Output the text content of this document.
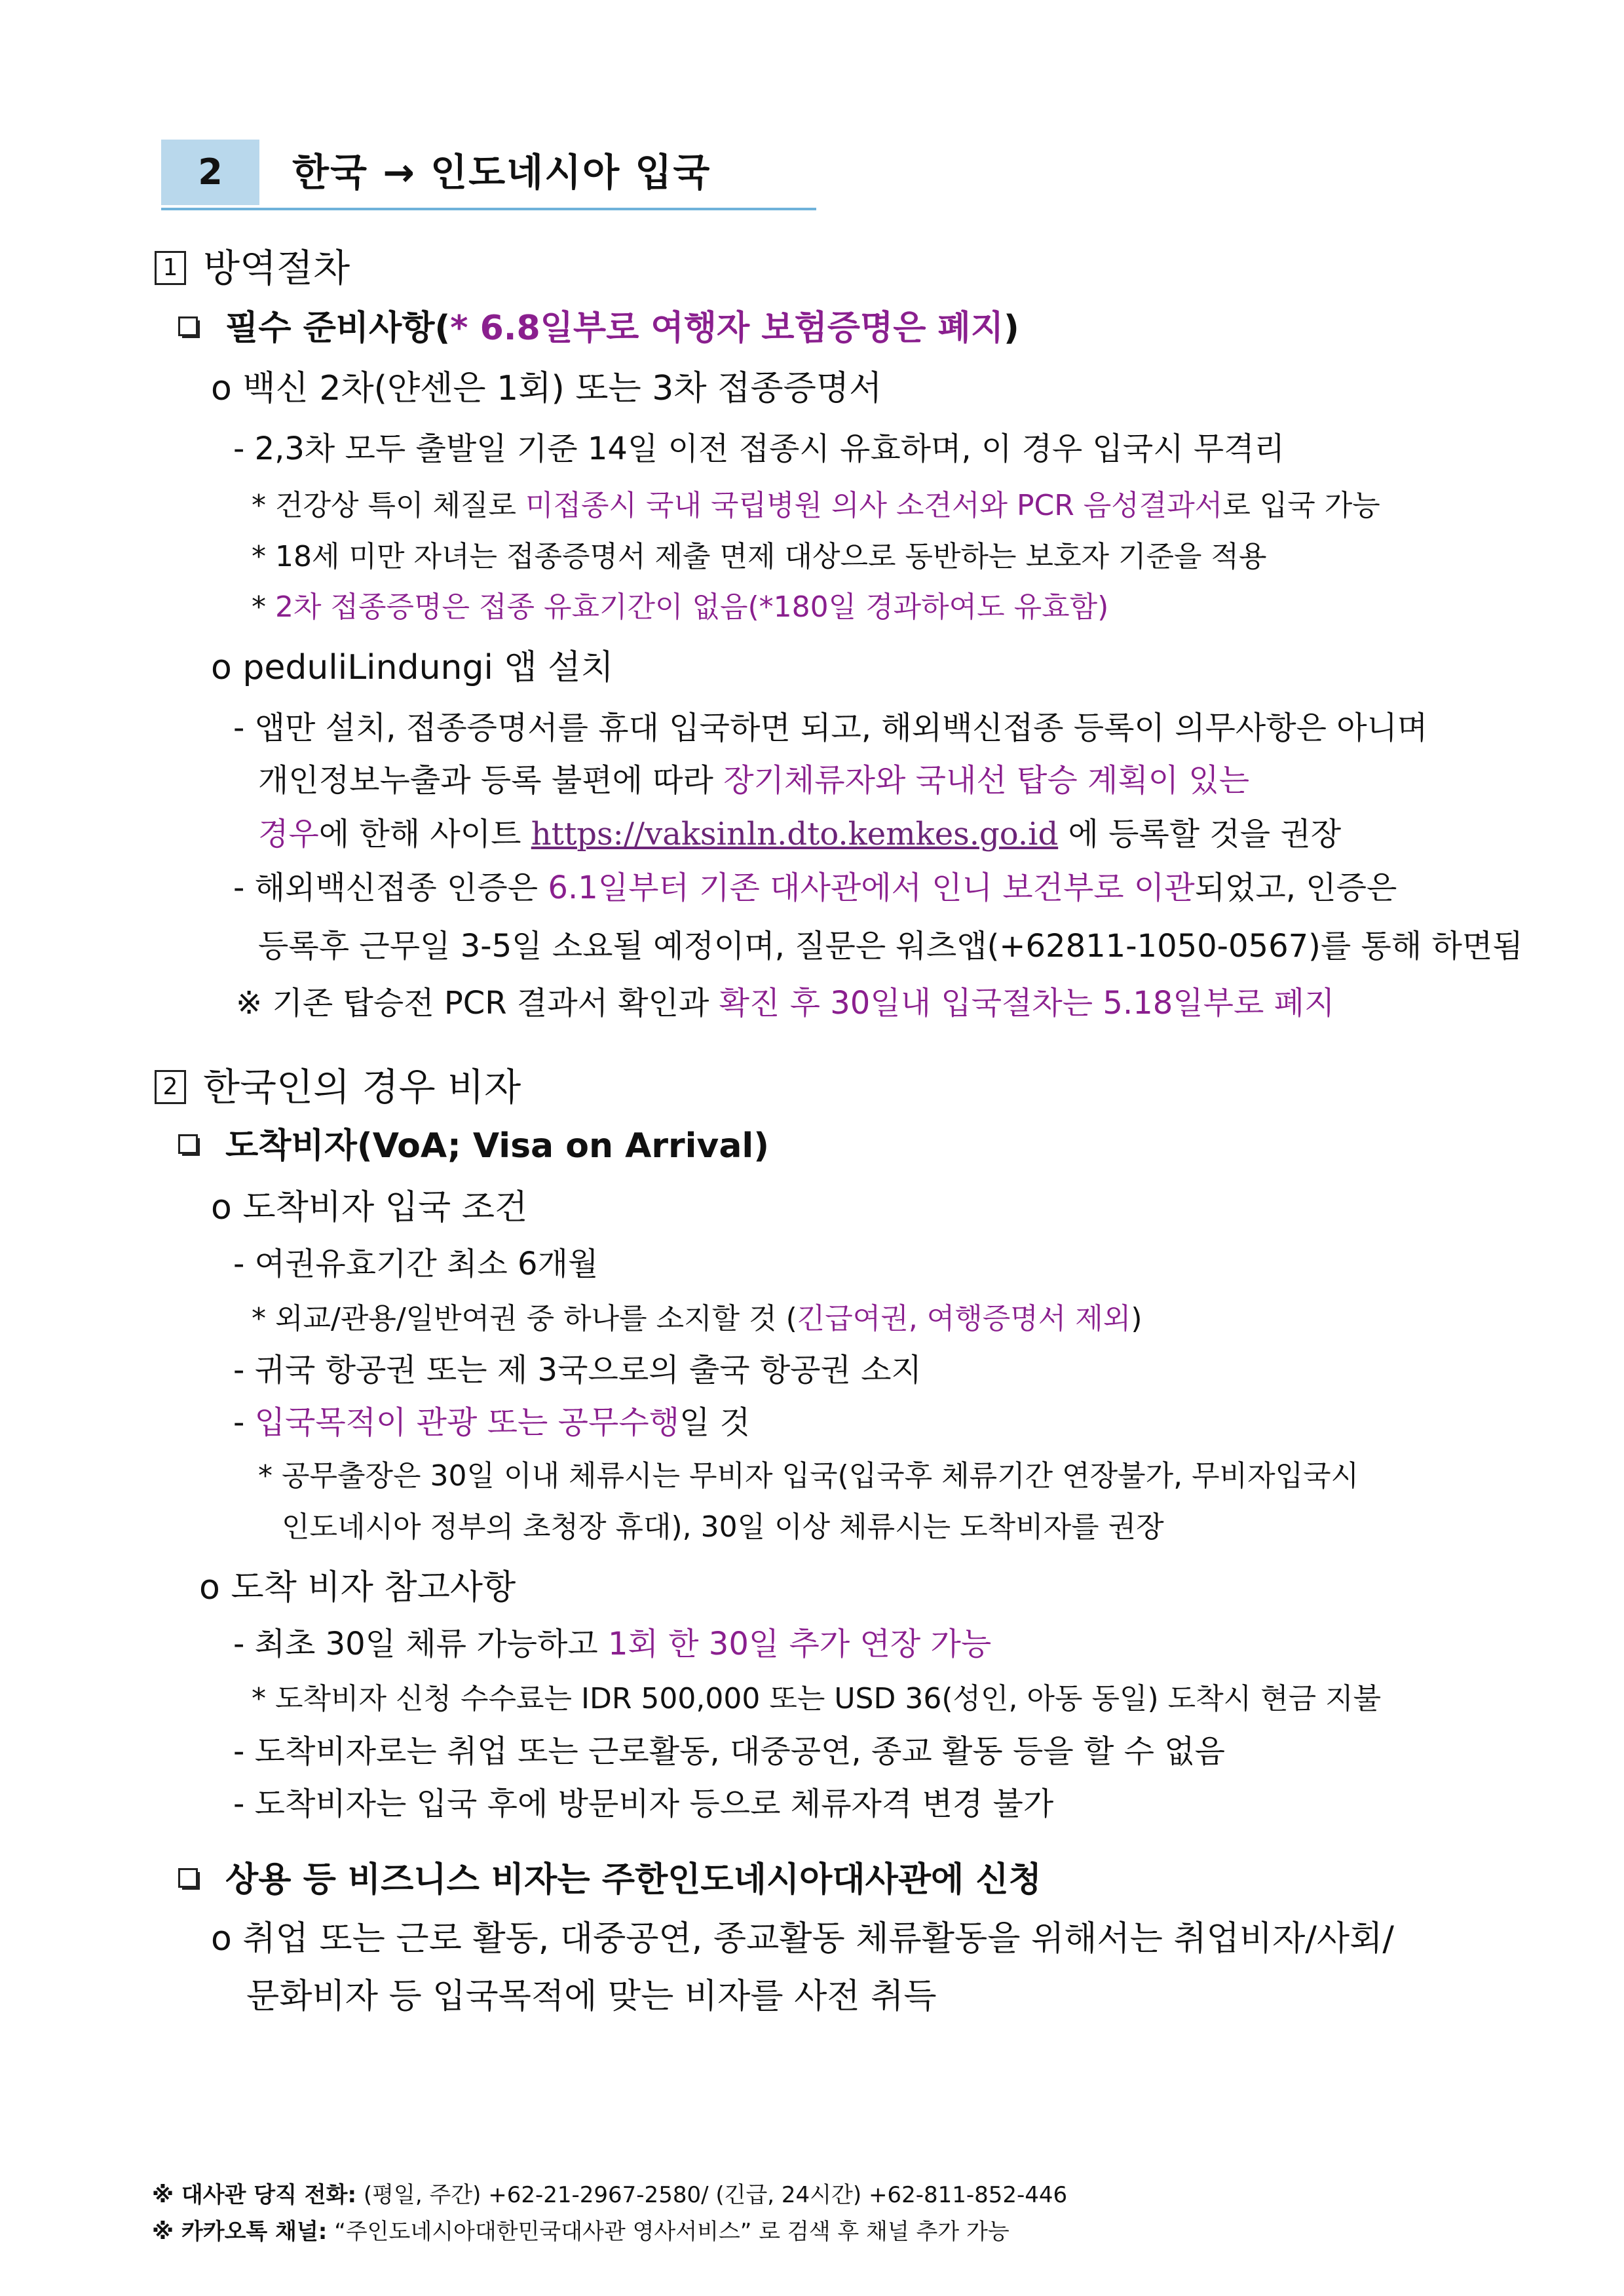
2	한국 → 인도네시아 입국
1 방역절차
필수 준비사항(* 6.8일부로 여행자 보험증명은 폐지)
o 백신 2차(얀센은 1회) 또는 3차 접종증명서
- 2,3차 모두 출발일 기준 14일 이전 접종시 유효하며, 이 경우 입국시 무격리
* 건강상 특이 체질로 미접종시 국내 국립병원 의사 소견서와 PCR 음성결과서로 입국 가능
* 18세 미만 자녀는 접종증명서 제출 면제 대상으로 동반하는 보호자 기준을 적용
* 2차 접종증명은 접종 유효기간이 없음(*180일 경과하여도 유효함)
o peduliLindungi 앱 설치
- 앱만 설치, 접종증명서를 휴대 입국하면 되고, 해외백신접종 등록이 의무사항은 아니며
개인정보누출과 등록 불편에 따라 장기체류자와 국내선 탑승 계획이 있는
경우에 한해 사이트 https://vaksinln.dto.kemkes.go.id 에 등록할 것을 권장
- 해외백신접종 인증은 6.1일부터 기존 대사관에서 인니 보건부로 이관되었고, 인증은
등록후 근무일 3-5일 소요될 예정이며, 질문은 워츠앱(+62811-1050-0567)를 통해 하면됨
※ 기존 탑승전 PCR 결과서 확인과 확진 후 30일내 입국절차는 5.18일부로 폐지
2 한국인의 경우 비자
도착비자(VoA; Visa on Arrival)
o 도착비자 입국 조건
- 여권유효기간 최소 6개월
* 외교/관용/일반여권 중 하나를 소지할 것 (긴급여권, 여행증명서 제외)
- 귀국 항공권 또는 제 3국으로의 출국 항공권 소지
- 입국목적이 관광 또는 공무수행일 것
* 공무출장은 30일 이내 체류시는 무비자 입국(입국후 체류기간 연장불가, 무비자입국시
인도네시아 정부의 초청장 휴대), 30일 이상 체류시는 도착비자를 권장
o 도착 비자 참고사항
- 최초 30일 체류 가능하고 1회 한 30일 추가 연장 가능
* 도착비자 신청 수수료는 IDR 500,000 또는 USD 36(성인, 아동 동일) 도착시 현금 지불
- 도착비자로는 취업 또는 근로활동, 대중공연, 종교 활동 등을 할 수 없음
- 도착비자는 입국 후에 방문비자 등으로 체류자격 변경 불가
상용 등 비즈니스 비자는 주한인도네시아대사관에 신청
o 취업 또는 근로 활동, 대중공연, 종교활동 체류활동을 위해서는 취업비자/사회/
문화비자 등 입국목적에 맞는 비자를 사전 취득
※ 대사관 당직 전화: (평일, 주간) +62-21-2967-2580/ (긴급, 24시간) +62-811-852-446
※ 카카오톡 채널: “주인도네시아대한민국대사관 영사서비스” 로 검색 후 채널 추가 가능
